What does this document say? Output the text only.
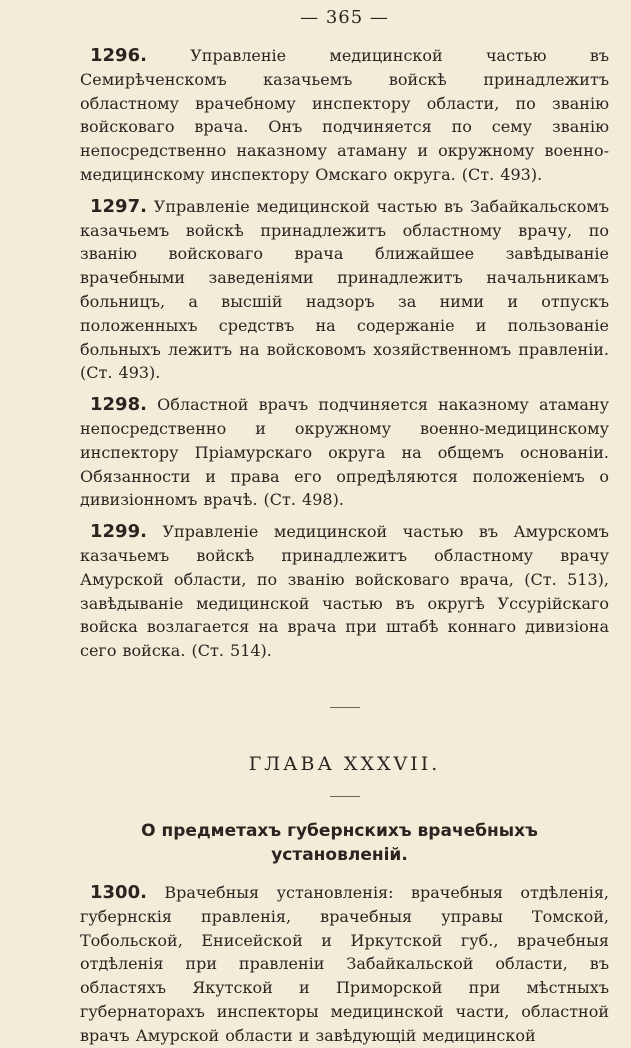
— 365 —

1296.	Управленіе медицинской частью въ Семирѣченскомъ казачьемъ войскѣ принадлежитъ областному врачебному инспектору области, по званію войсковаго врача. Онъ подчиняется по сему званію непосредственно наказному атаману и окружному военно-медицинскому инспектору Омскаго округа. (Ст. 493).

1297. Управленіе медицинской частью въ Забайкальскомъ казачьемъ войскѣ принадлежитъ областному врачу, по званію войсковаго врача ближайшее завѣдываніе врачебными заведеніями принадлежитъ начальникамъ больницъ, а высшій надзоръ за ними и отпускъ положенныхъ средствъ на содержаніе и пользованіе больныхъ лежитъ на войсковомъ хозяйственномъ правленіи. (Ст. 493).

1298. Областной врачъ подчиняется наказному атаману непосредственно и окружному военно-медицинскому инспектору Пріамурскаго округа на общемъ основаніи. Обязанности и права его опредѣляются положеніемъ о дивизіонномъ врачѣ. (Ст. 498).

1299. Управленіе медицинской частью въ Амурскомъ казачьемъ войскѣ принадлежитъ областному врачу Амурской области, по званію войсковаго врача, (Ст. 513), завѣдываніе медицинской частью въ округѣ Уссурійскаго войска возлагается на врача при штабѣ коннаго дивизіона сего войска. (Ст. 514).

ГЛАВА XXXVII.
О предметахъ губернскихъ врачебныхъ установленій.

1300. Врачебныя установленія: врачебныя отдѣленія, губернскія правленія, врачебныя управы Томской, Тобольской, Енисейской и Иркутской губ., врачебныя отдѣленія при правленіи Забайкальской области, въ областяхъ Якутской и Приморской при мѣстныхъ губернаторахъ инспекторы медицинской части, областной врачъ Амурской области и завѣдующій медицинской
